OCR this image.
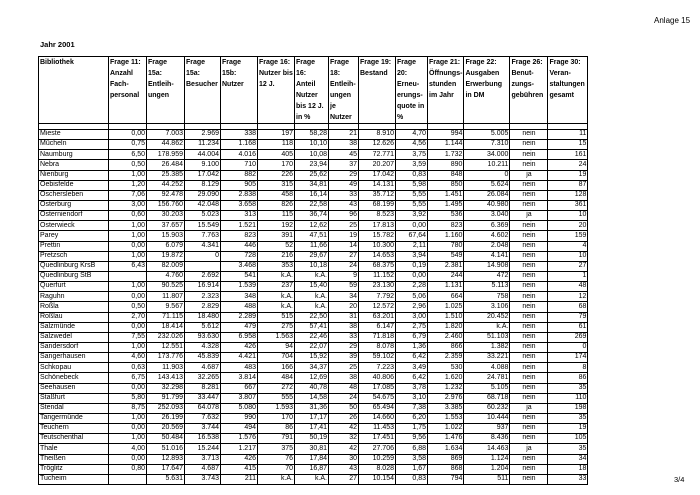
Anlage 15
Jahr 2001
Bibliothek	Frage 11: Anzahl Fach- personal	Frage 15a: Entleih- ungen	Frage 15a: Besucher	Frage 15b: Nutzer	Frage 16: Nutzer bis 12 J.	Frage 16: Anteil Nutzer bis 12 J. in %	Frage 18: Entleih- ungen je Nutzer	Frage 19: Bestand	Frage 20: Erneu- erungs- quote in %	Frage 21: Öffnungs- stunden im Jahr	Frage 22: Ausgaben Erwerbung in DM	Frage 26: Benut- zungs- gebühren	Frage 30: Veran- staltungen gesamt

Mieste	0,00	7.003	2.969	338	197	58,28	21	8.910	4,70	994	5.005	nein	11
Mücheln	0,75	44.862	11.234	1.168	118	10,10	38	12.626	4,56	1.144	7.310	nein	15
Naumburg	6,50	178.959	44.004	4.016	405	10,08	45	72.771	3,75	1.732	34.000	nein	161
Nebra	0,50	26.484	9.100	710	170	23,94	37	20.207	3,59	890	10.211	nein	24
Nienburg	1,00	25.385	17.042	882	226	25,62	29	17.042	0,83	848	0	ja	19
Oebisfelde	1,20	44.252	8.129	905	315	34,81	49	14.131	5,98	850	5.624	nein	87
Oschersleben	7,06	92.478	29.090	2.838	458	16,14	33	35.712	5,55	1.451	26.084	nein	128
Osterburg	3,00	156.760	42.048	3.658	826	22,58	43	68.199	5,55	1.495	40.980	nein	361
Osterniendorf	0,60	30.203	5.023	313	115	36,74	96	8.523	3,92	536	3.040	ja	10
Osterwieck	1,00	37.657	15.549	1.521	192	12,62	25	17.813	0,00	823	6.369	nein	20
Parey	1,00	15.903	7.763	823	391	47,51	19	15.782	67,64	1.160	4.602	nein	159
Prettin	0,00	6.079	4.341	446	52	11,66	14	10.300	2,11	780	2.048	nein	4
Pretzsch	1,00	19.872	0	728	216	29,67	27	14.653	3,94	549	4.141	nein	10
Quedlinburg KrsB	6,43	82.009		3.468	353	10,18	24	68.375	0,19	2.381	14.908	nein	27
Quedlinburg StB		4.760	2.692	541	k.A.	k.A.	9	11.152	0,00	244	472	nein	1
Querfurt	1,00	90.525	16.914	1.539	237	15,40	59	23.130	2,28	1.131	5.113	nein	48
Raguhn	0,00	11.807	2.323	348	k.A.	k.A.	34	7.792	5,06	664	758	nein	12
Roßla	0,50	9.567	2.829	488	k.A.	k.A.	20	12.572	2,96	1.025	3.106	nein	68
Roßlau	2,70	71.115	18.480	2.289	515	22,50	31	63.201	3,00	1.510	20.452	nein	79
Salzmünde	0,00	18.414	5.612	479	275	57,41	38	6.147	2,75	1.820	k.A.	nein	61
Salzwedel	7,55	232.026	93.630	6.958	1.563	22,46	33	71.818	6,79	2.460	51.103	nein	269
Sandersdorf	1,00	12.551	4.328	426	94	22,07	29	8.078	1,36	866	1.382	nein	0
Sangerhausen	4,60	173.776	45.839	4.421	704	15,92	39	59.102	6,42	2.359	33.221	nein	174
Schkopau	0,63	11.903	4.687	483	166	34,37	25	7.223	3,49	530	4.088	nein	8
Schönebeck	6,75	143.413	32.265	3.814	484	12,69	38	40.806	6,42	1.620	24.781	nein	86
Seehausen	0,00	32.298	8.281	667	272	40,78	48	17.085	3,78	1.232	5.105	nein	35
Staßfurt	5,80	91.799	33.447	3.807	555	14,58	24	54.675	3,10	2.976	68.718	nein	110
Stendal	8,75	252.093	64.078	5.080	1.593	31,36	50	65.494	7,38	3.385	60.232	ja	198
Tangermünde	1,00	26.199	7.632	990	170	17,17	26	14.660	6,20	1.553	10.444	nein	35
Teuchern	0,00	20.569	3.744	494	86	17,41	42	11.453	1,75	1.022	937	nein	19
Teutschenthal	1,00	50.484	16.538	1.576	791	50,19	32	17.451	9,56	1.476	8.436	nein	105
Thale	4,00	51.016	15.244	1.217	375	30,81	42	27.706	6,88	1.634	14.463	ja	35
Theißen	0,00	12.893	3.713	426	76	17,84	30	10.259	3,58	869	1.124	nein	34
Tröglitz	0,80	17.647	4.687	415	70	16,87	43	8.028	1,67	868	1.204	nein	18
Tucheim		5.631	3.743	211	k.A.	k.A.	27	10.154	0,83	794	511	nein	33	3/4
